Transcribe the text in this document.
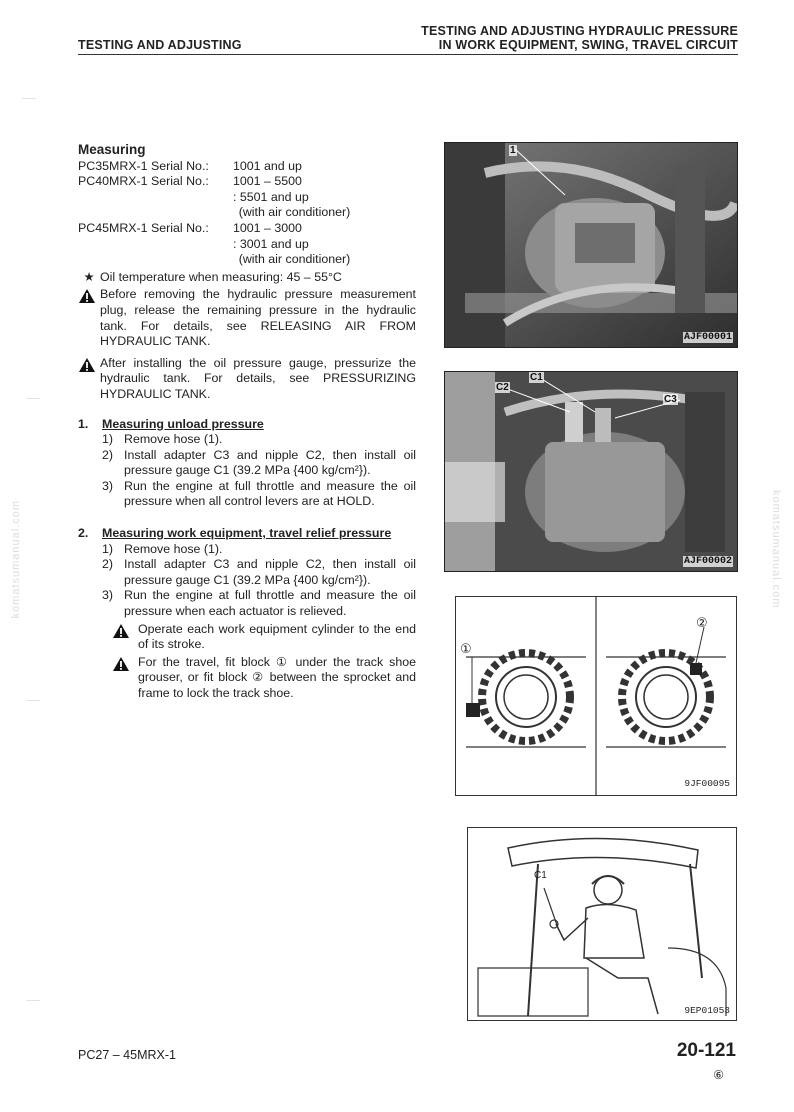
TESTING AND ADJUSTING
TESTING AND ADJUSTING HYDRAULIC PRESSURE
IN WORK EQUIPMENT, SWING, TRAVEL CIRCUIT
·······
·······
·······
·······
komatsumanual.com	komatsumanual.com
Measuring
PC35MRX-1 Serial No.:	1001 and up
PC40MRX-1 Serial No.:	1001 – 5500
: 5501 and up
(with air conditioner)
PC45MRX-1 Serial No.:	1001 – 3000
: 3001 and up
(with air conditioner)
★ Oil temperature when measuring: 45 – 55°C
Before removing the hydraulic pressure measurement plug, release the remaining pressure in the hydraulic tank. For details, see RELEASING AIR FROM HYDRAULIC TANK.
After installing the oil pressure gauge, pressurize the hydraulic tank. For details, see PRESSURIZING HYDRAULIC TANK.
1.	Measuring unload pressure
1) Remove hose (1).
2) Install adapter C3 and nipple C2, then install oil pressure gauge C1 (39.2 MPa {400 kg/cm²}).
3) Run the engine at full throttle and measure the oil pressure when all control levers are at HOLD.
2.	Measuring work equipment, travel relief pressure
1) Remove hose (1).
2) Install adapter C3 and nipple C2, then install oil pressure gauge C1 (39.2 MPa {400 kg/cm²}).
3) Run the engine at full throttle and measure the oil pressure when each actuator is relieved.
Operate each work equipment cylinder to the end of its stroke.
For the travel, fit block ① under the track shoe grouser, or fit block ② between the sprocket and frame to lock the track shoe.
1
AJF00001
C2
C1
C3
AJF00002
①
②
9JF00095
C1
9EP01053
PC27 – 45MRX-1	20-121
⑥
